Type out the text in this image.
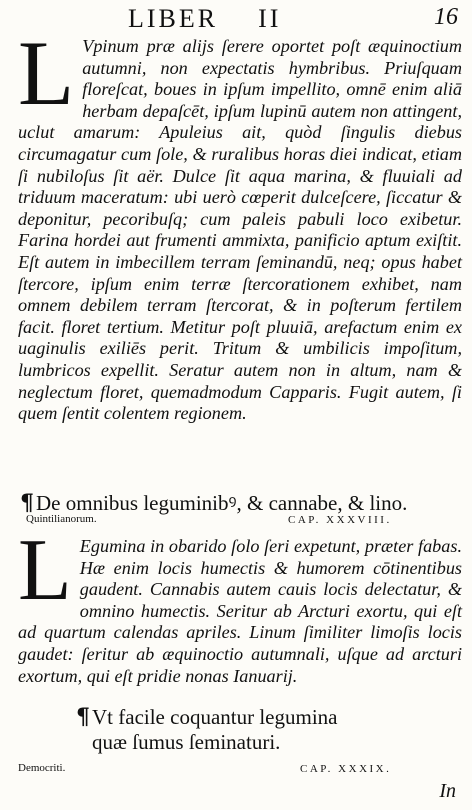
LIBER II	16

L Vpinum præ alijs ſerere oportet poſt æquinoctium autumni, non expectatis hymbribus. Priuſquam floreſcat, boues in ipſum impellito, omnē enim aliā herbam depaſcēt, ipſum lupinū autem non attingent, uclut amarum: Apuleius ait, quòd ſingulis diebus circumagatur cum ſole, & ruralibus horas diei indicat, etiam ſi nubiloſus ſit aër. Dulce ſit aqua marina, & fluuiali ad triduum maceratum: ubi uerò cœperit dulceſcere, ſiccatur & deponitur, pecoribuſq; cum paleis pabuli loco exibetur. Farina hordei aut frumenti ammixta, panificio aptum exiſtit. Eſt autem in imbecillem terram ſeminandū, neq; opus habet ſtercore, ipſum enim terræ ſtercorationem exhibet, nam omnem debilem terram ſtercorat, & in poſterum fertilem facit. floret tertium. Metitur poſt pluuiā, arefactum enim ex uaginulis exiliēs perit. Tritum & umbilicis impoſitum, lumbricos expellit. Seratur autem non in altum, nam & neglectum floret, quemadmodum Capparis. Fugit autem, ſi quem ſentit colentem regionem.

¶De omnibus leguminibꝰ, & cannabe, & lino.
Quintilianorum.	CAP. XXXVIII.

L Egumina in obarido ſolo ſeri expetunt, præter fabas. Hæ enim locis humectis & humorem cōtinentibus gaudent. Cannabis autem cauis locis delectatur, & omnino humectis. Seritur ab Arcturi exortu, qui eſt ad quartum calendas apriles. Linum ſimiliter limoſis locis gaudet: ſeritur ab æquinoctio autumnali, uſque ad arcturi exortum, qui eſt pridie nonas Ianuarij.

¶Vt facile coquantur legumina
quæ ſumus ſeminaturi.
Democriti.	CAP. XXXIX.
In
